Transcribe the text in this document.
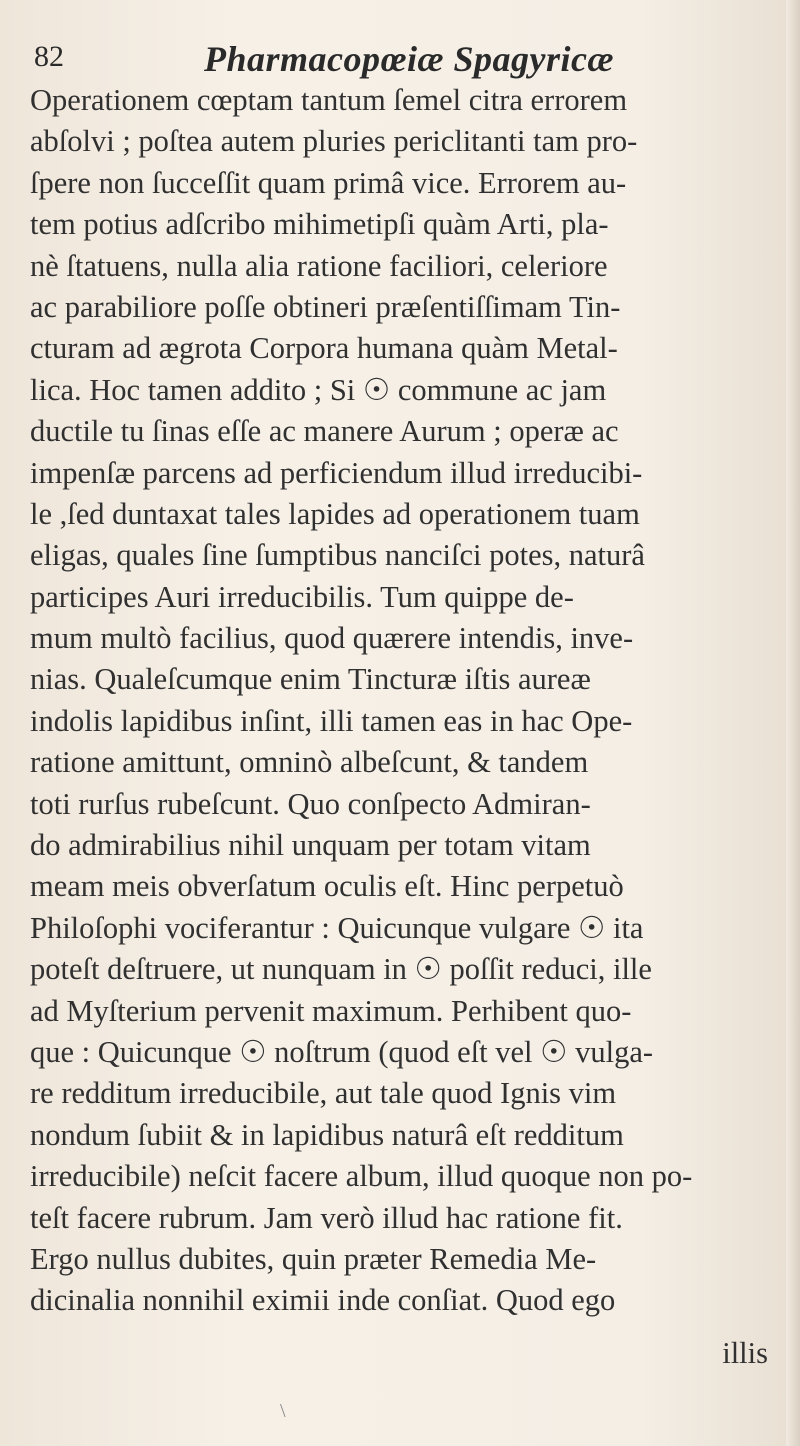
82	Pharmacopœiæ Spagyricæ
Operationem cœptam tantum ſemel citra errorem
abſolvi ; poſtea autem pluries periclitanti tam pro-
ſpere non ſucceſſit quam primâ vice. Errorem au-
tem potius adſcribo mihimetipſi quàm Arti, pla-
nè ſtatuens, nulla alia ratione faciliori, celeriore
ac parabiliore poſſe obtineri præſentiſſimam Tin-
cturam ad ægrota Corpora humana quàm Metal-
lica. Hoc tamen addito ; Si ☉ commune ac jam
ductile tu ſinas eſſe ac manere Aurum ; operæ ac
impenſæ parcens ad perficiendum illud irreducibi-
le ,ſed duntaxat tales lapides ad operationem tuam
eligas, quales ſine ſumptibus nanciſci potes, naturâ
participes Auri irreducibilis. Tum quippe de-
mum multò facilius, quod quærere intendis, inve-
nias. Qualeſcumque enim Tincturæ iſtis aureæ
indolis lapidibus inſint, illi tamen eas in hac Ope-
ratione amittunt, omninò albeſcunt, & tandem
toti rurſus rubeſcunt. Quo conſpecto Admiran-
do admirabilius nihil unquam per totam vitam
meam meis obverſatum oculis eſt. Hinc perpetuò
Philoſophi vociferantur : Quicunque vulgare ☉ ita
poteſt deſtruere, ut nunquam in ☉ poſſit reduci, ille
ad Myſterium pervenit maximum. Perhibent quo-
que : Quicunque ☉ noſtrum (quod eſt vel ☉ vulga-
re redditum irreducibile, aut tale quod Ignis vim
nondum ſubiit & in lapidibus naturâ eſt redditum
irreducibile) neſcit facere album, illud quoque non po-
teſt facere rubrum. Jam verò illud hac ratione fit.
Ergo nullus dubites, quin præter Remedia Me-
dicinalia nonnihil eximii inde conſiat. Quod ego
illis
\
